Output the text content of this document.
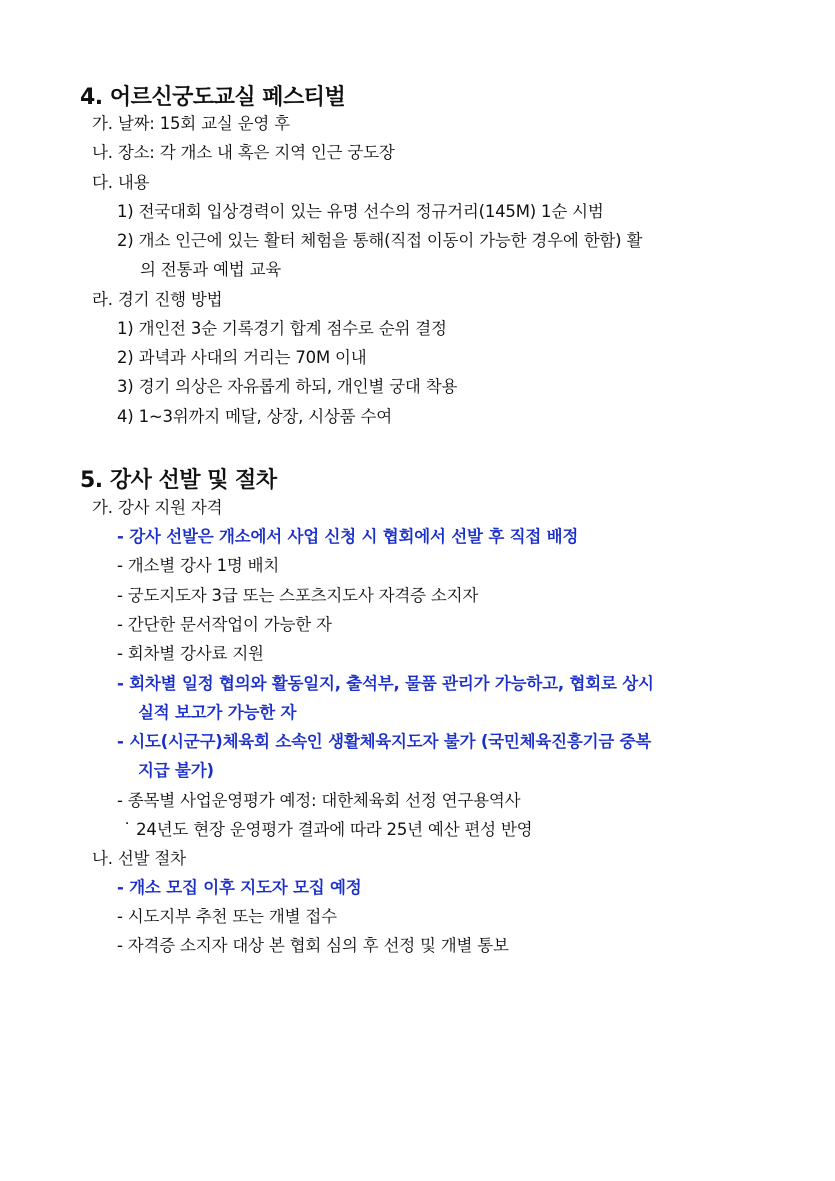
4. 어르신궁도교실 페스티벌
가. 날짜: 15회 교실 운영 후
나. 장소: 각 개소 내 혹은 지역 인근 궁도장
다. 내용
1) 전국대회 입상경력이 있는 유명 선수의 정규거리(145M) 1순 시범
2) 개소 인근에 있는 활터 체험을 통해(직접 이동이 가능한 경우에 한함) 활
의 전통과 예법 교육
라. 경기 진행 방법
1) 개인전 3순 기록경기 합계 점수로 순위 결정
2) 과녁과 사대의 거리는 70M 이내
3) 경기 의상은 자유롭게 하되, 개인별 궁대 착용
4) 1~3위까지 메달, 상장, 시상품 수여
5. 강사 선발 및 절차
가. 강사 지원 자격
- 강사 선발은 개소에서 사업 신청 시 협회에서 선발 후 직접 배정
- 개소별 강사 1명 배치
- 궁도지도자 3급 또는 스포츠지도사 자격증 소지자
- 간단한 문서작업이 가능한 자
- 회차별 강사료 지원
- 회차별 일정 협의와 활동일지, 출석부, 물품 관리가 가능하고, 협회로 상시
실적 보고가 가능한 자
- 시도(시군구)체육회 소속인 생활체육지도자 불가 (국민체육진흥기금 중복
지급 불가)
- 종목별 사업운영평가 예정: 대한체육회 선정 연구용역사
˙ 24년도 현장 운영평가 결과에 따라 25년 예산 편성 반영
나. 선발 절차
- 개소 모집 이후 지도자 모집 예정
- 시도지부 추천 또는 개별 접수
- 자격증 소지자 대상 본 협회 심의 후 선정 및 개별 통보
